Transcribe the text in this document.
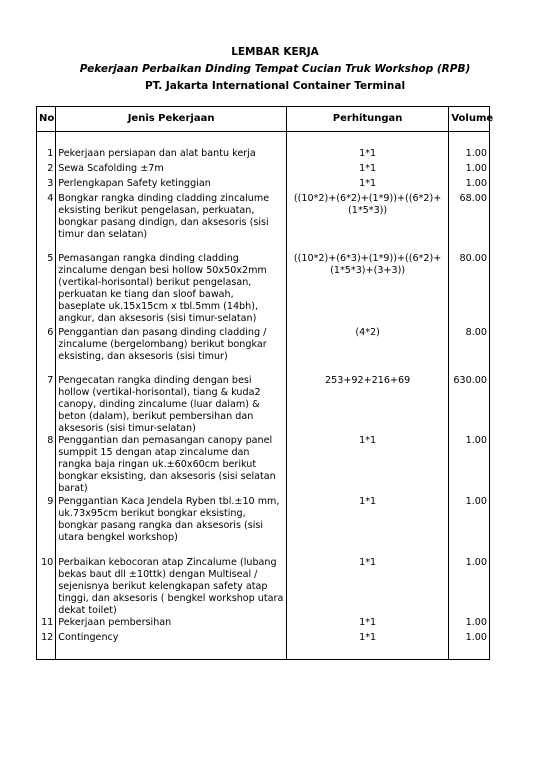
LEMBAR KERJA
Pekerjaan Perbaikan Dinding Tempat Cucian Truk Workshop (RPB)
PT. Jakarta International Container Terminal
No	Jenis Pekerjaan	Perhitungan	Volume

1	Pekerjaan persiapan dan alat bantu kerja	1*1	1.00
2	Sewa Scafolding ±7m	1*1	1.00
3	Perlengkapan Safety ketinggian	1*1	1.00
4	Bongkar rangka dinding cladding zincalume eksisting berikut pengelasan, perkuatan, bongkar pasang dindign, dan aksesoris (sisi timur dan selatan)	((10*2)+(6*2)+(1*9))+((6*2)+(1*5*3))	68.00
5	Pemasangan rangka dinding cladding zincalume dengan besi hollow 50x50x2mm (vertikal-horisontal) berikut pengelasan, perkuatan ke tiang dan sloof bawah, baseplate uk.15x15cm x tbl.5mm (14bh), angkur, dan aksesoris (sisi timur-selatan)	((10*2)+(6*3)+(1*9))+((6*2)+(1*5*3)+(3+3))	80.00
6	Penggantian dan pasang dinding cladding / zincalume (bergelombang) berikut bongkar eksisting, dan aksesoris (sisi timur)	(4*2)	8.00
7	Pengecatan rangka dinding dengan besi hollow (vertikal-horisontal), tiang & kuda2 canopy, dinding zincalume (luar dalam) & beton (dalam), berikut pembersihan dan aksesoris (sisi timur-selatan)	253+92+216+69	630.00
8	Penggantian dan pemasangan canopy panel sumppit 15 dengan atap zincalume dan rangka baja ringan uk.±60x60cm berikut bongkar eksisting, dan aksesoris (sisi selatan barat)	1*1	1.00
9	Penggantian Kaca Jendela Ryben tbl.±10 mm, uk.73x95cm berikut bongkar eksisting, bongkar pasang rangka dan aksesoris (sisi utara bengkel workshop)	1*1	1.00
10	Perbaikan kebocoran atap Zincalume (lubang bekas baut dll ±10ttk) dengan Multiseal / sejenisnya berikut kelengkapan safety atap tinggi, dan aksesoris ( bengkel workshop utara dekat toilet)	1*1	1.00
11	Pekerjaan pembersihan	1*1	1.00
12	Contingency	1*1	1.00
